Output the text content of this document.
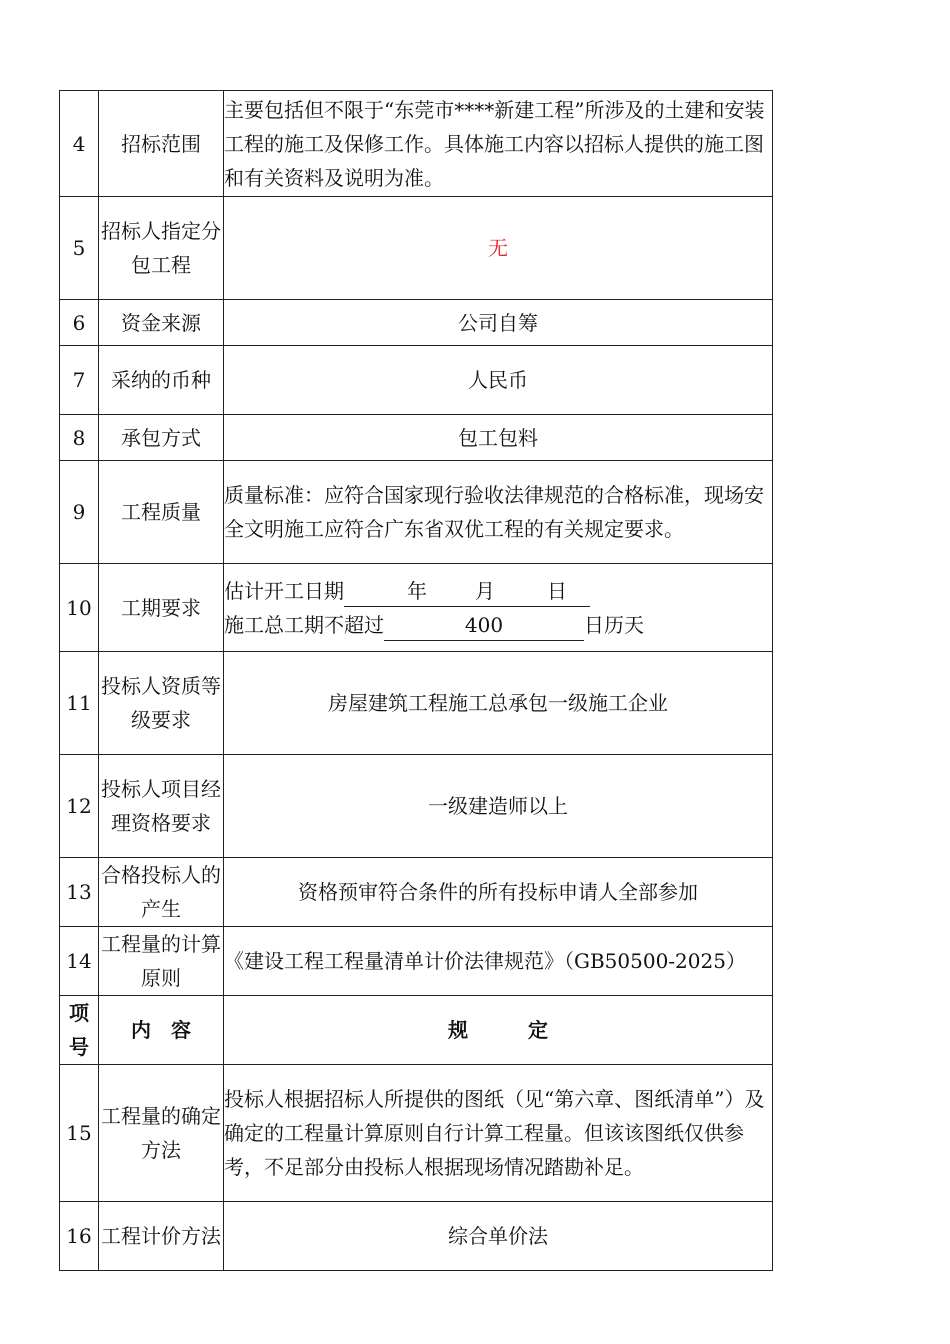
4	招标范围	主要包括但不限于“东莞市****新建工程”所涉及的土建和安装工程的施工及保修工作。具体施工内容以招标人提供的施工图和有关资料及说明为准。
5	招标人指定分包工程	无
6	资金来源	公司自筹
7	采纳的币种	人民币
8	承包方式	包工包料
9	工程质量	质量标准：应符合国家现行验收法律规范的合格标准，现场安全文明施工应符合广东省双优工程的有关规定要求。
10	工期要求	估计开工日期 年 月 日
施工总工期不超过 400 日历天

11	投标人资质等级要求	房屋建筑工程施工总承包一级施工企业
12	投标人项目经理资格要求	一级建造师以上
13	合格投标人的产生	资格预审符合条件的所有投标申请人全部参加
14	工程量的计算原则	《建设工程工程量清单计价法律规范》（GB50500-2025）
项号	内　容	规　　　定
15	工程量的确定方法	投标人根据招标人所提供的图纸（见“第六章、图纸清单”）及确定的工程量计算原则自行计算工程量。但该该图纸仅供参考，不足部分由投标人根据现场情况踏勘补足。
16	工程计价方法	综合单价法
